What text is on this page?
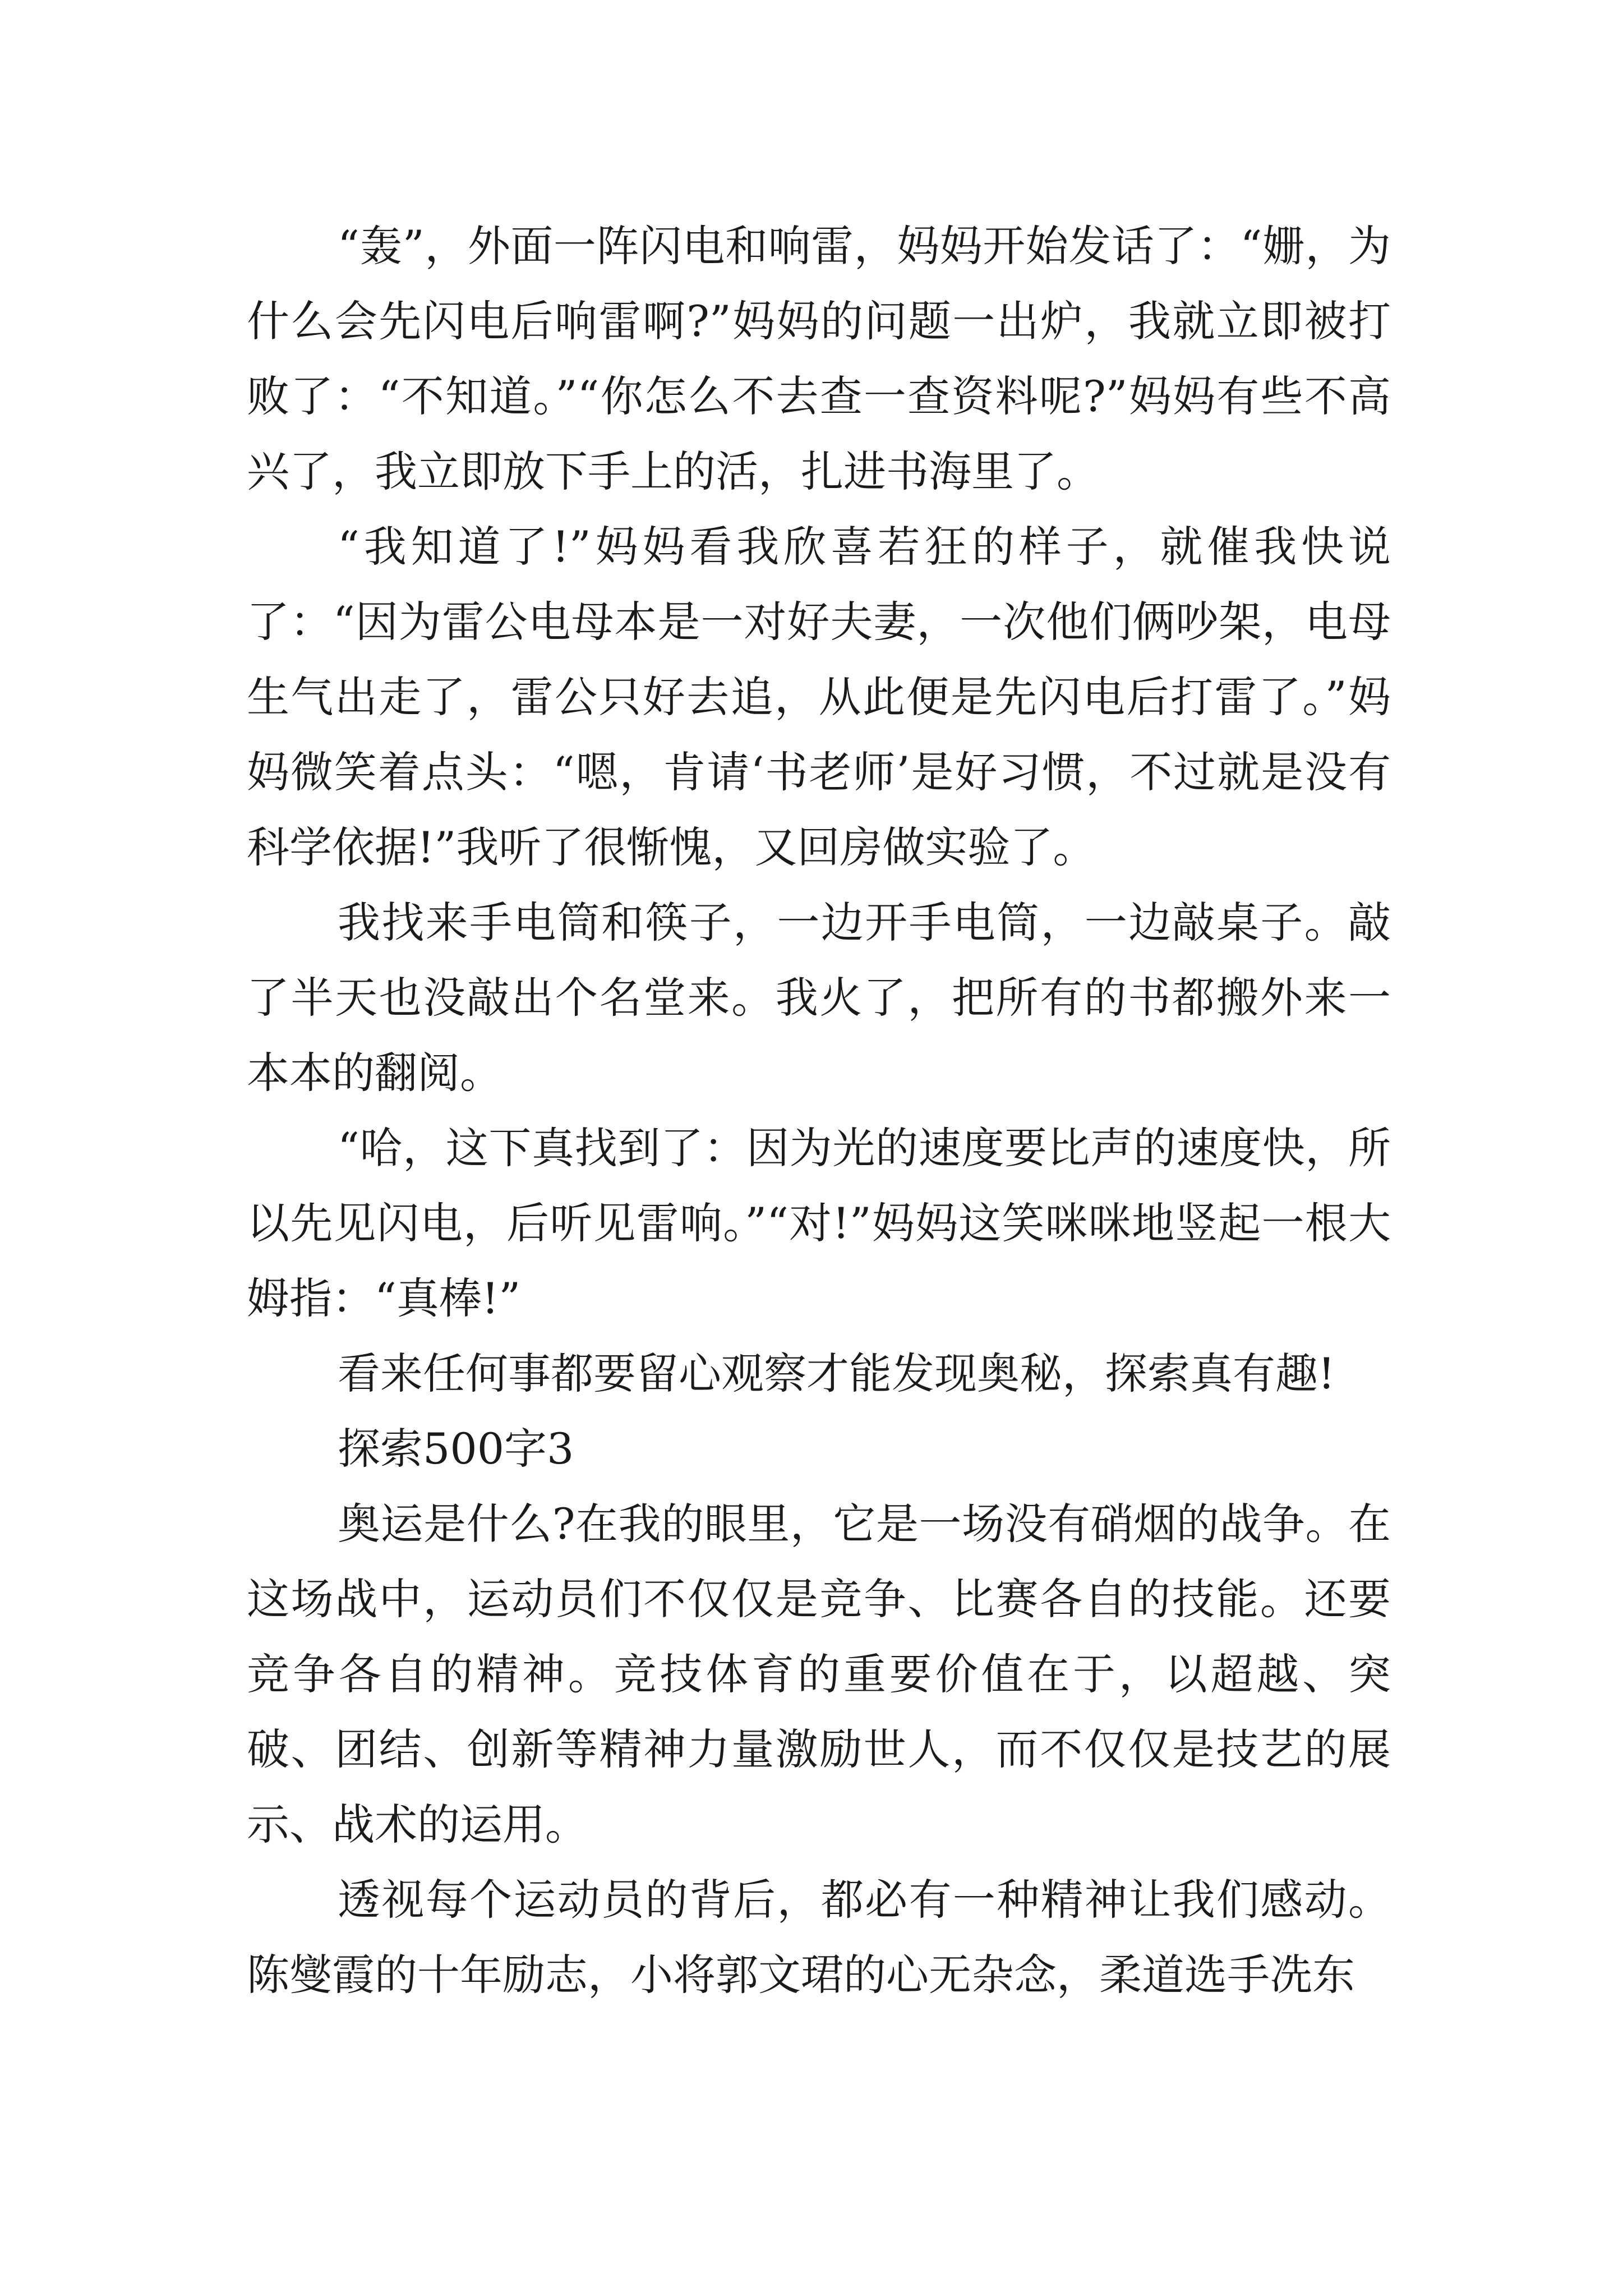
“轰”，外面一阵闪电和响雷，妈妈开始发话了：“姗，为什么会先闪电后响雷啊?”妈妈的问题一出炉，我就立即被打败了：“不知道。”“你怎么不去查一查资料呢?”妈妈有些不高兴了，我立即放下手上的活，扎进书海里了。

“我知道了!”妈妈看我欣喜若狂的样子，就催我快说了：“因为雷公电母本是一对好夫妻，一次他们俩吵架，电母生气出走了，雷公只好去追，从此便是先闪电后打雷了。”妈妈微笑着点头：“嗯，肯请‘书老师’是好习惯，不过就是没有科学依据!”我听了很惭愧，又回房做实验了。

我找来手电筒和筷子，一边开手电筒，一边敲桌子。敲了半天也没敲出个名堂来。我火了，把所有的书都搬外来一本本的翻阅。

“哈，这下真找到了：因为光的速度要比声的速度快，所以先见闪电，后听见雷响。”“对!”妈妈这笑咪咪地竖起一根大姆指：“真棒!”

看来任何事都要留心观察才能发现奥秘，探索真有趣!

探索500字3

奥运是什么?在我的眼里，它是一场没有硝烟的战争。在这场战中，运动员们不仅仅是竞争、比赛各自的技能。还要竞争各自的精神。竞技体育的重要价值在于，以超越、突破、团结、创新等精神力量激励世人，而不仅仅是技艺的展示、战术的运用。

透视每个运动员的背后，都必有一种精神让我们感动。陈燮霞的十年励志，小将郭文珺的心无杂念，柔道选手冼东
